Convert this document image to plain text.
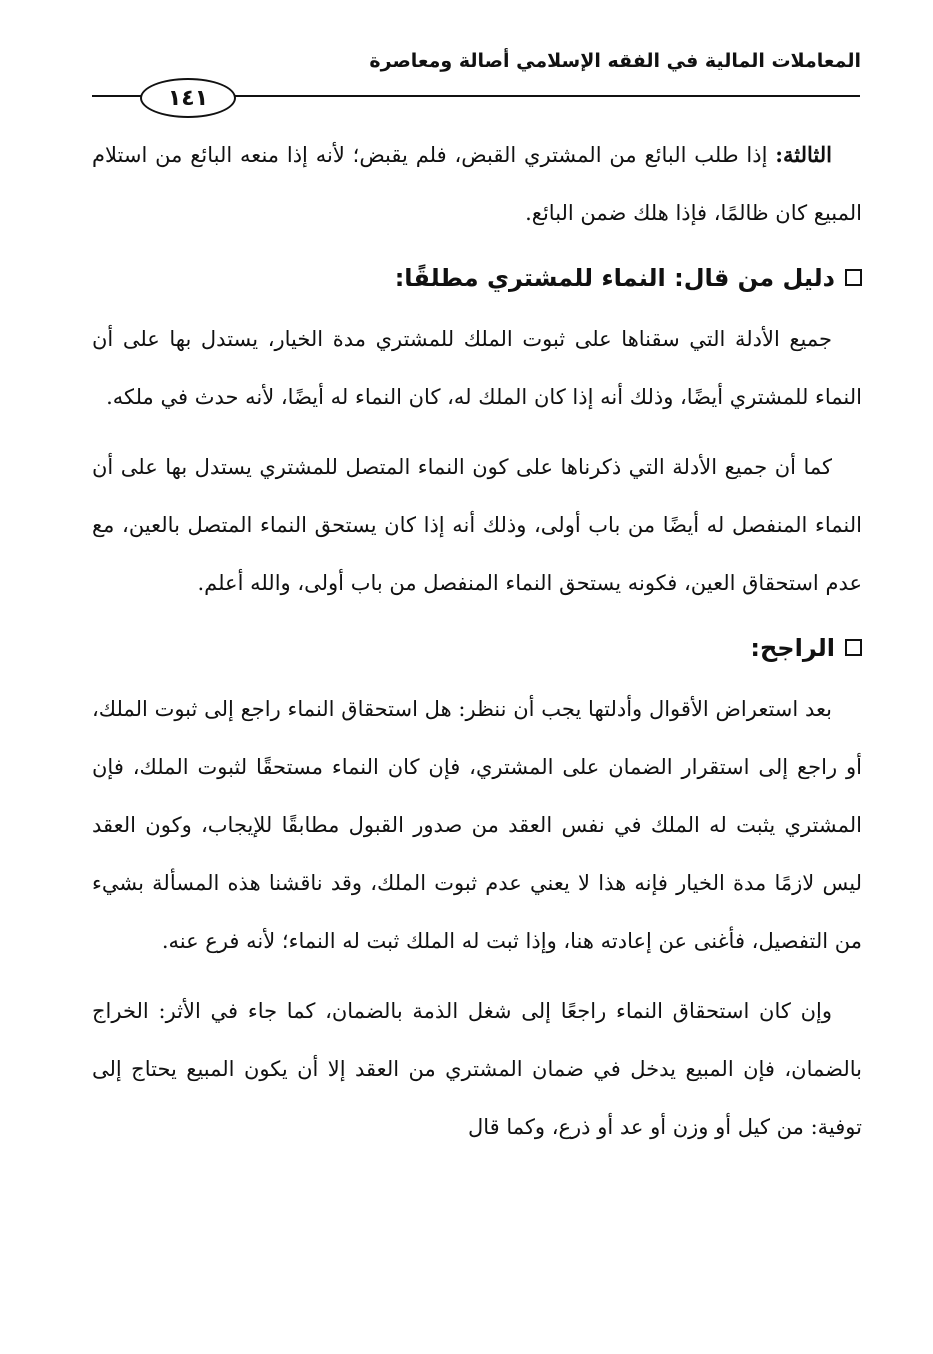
المعاملات المالية في الفقه الإسلامي أصالة ومعاصرة
١٤١

الثالثة: إذا طلب البائع من المشتري القبض، فلم يقبض؛ لأنه إذا منعه البائع من استلام المبيع كان ظالمًا، فإذا هلك ضمن البائع.

دليل من قال: النماء للمشتري مطلقًا:

جميع الأدلة التي سقناها على ثبوت الملك للمشتري مدة الخيار، يستدل بها على أن النماء للمشتري أيضًا، وذلك أنه إذا كان الملك له، كان النماء له أيضًا، لأنه حدث في ملكه.

كما أن جميع الأدلة التي ذكرناها على كون النماء المتصل للمشتري يستدل بها على أن النماء المنفصل له أيضًا من باب أولى، وذلك أنه إذا كان يستحق النماء المتصل بالعين، مع عدم استحقاق العين، فكونه يستحق النماء المنفصل من باب أولى، والله أعلم.

الراجح:

بعد استعراض الأقوال وأدلتها يجب أن ننظر: هل استحقاق النماء راجع إلى ثبوت الملك، أو راجع إلى استقرار الضمان على المشتري، فإن كان النماء مستحقًا لثبوت الملك، فإن المشتري يثبت له الملك في نفس العقد من صدور القبول مطابقًا للإيجاب، وكون العقد ليس لازمًا مدة الخيار فإنه هذا لا يعني عدم ثبوت الملك، وقد ناقشنا هذه المسألة بشيء من التفصيل، فأغنى عن إعادته هنا، وإذا ثبت له الملك ثبت له النماء؛ لأنه فرع عنه.

وإن كان استحقاق النماء راجعًا إلى شغل الذمة بالضمان، كما جاء في الأثر: الخراج بالضمان، فإن المبيع يدخل في ضمان المشتري من العقد إلا أن يكون المبيع يحتاج إلى توفية: من كيل أو وزن أو عد أو ذرع، وكما قال
